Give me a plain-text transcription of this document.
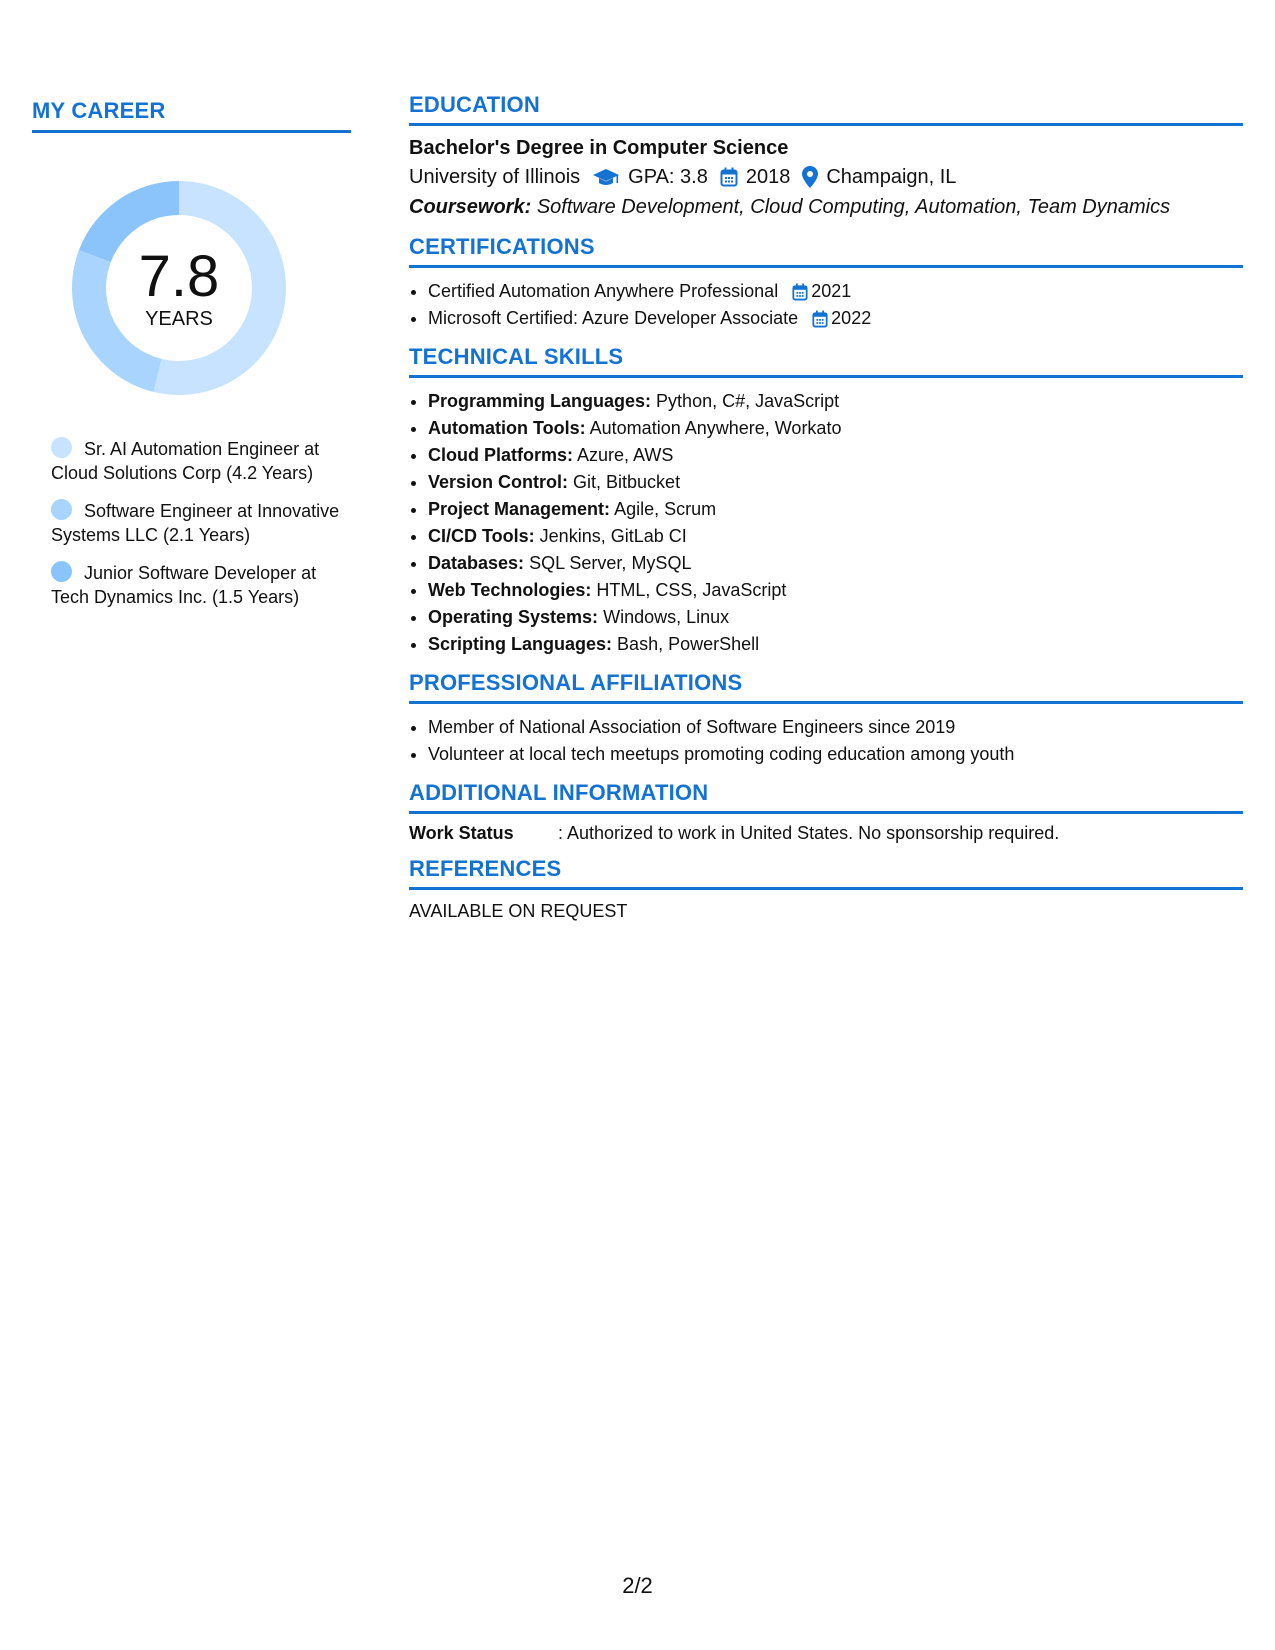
MY CAREER
7.8
YEARS
Sr. AI Automation Engineer at Cloud Solutions Corp (4.2 Years)
Software Engineer at Innovative Systems LLC (2.1 Years)
Junior Software Developer at Tech Dynamics Inc. (1.5 Years)
EDUCATION
Bachelor's Degree in Computer Science
University of Illinois GPA: 3.8 2018 Champaign, IL
Coursework: Software Development, Cloud Computing, Automation, Team Dynamics
CERTIFICATIONS
• Certified Automation Anywhere Professional 2021
• Microsoft Certified: Azure Developer Associate 2022
TECHNICAL SKILLS
• Programming Languages: Python, C#, JavaScript
• Automation Tools: Automation Anywhere, Workato
• Cloud Platforms: Azure, AWS
• Version Control: Git, Bitbucket
• Project Management: Agile, Scrum
• CI/CD Tools: Jenkins, GitLab CI
• Databases: SQL Server, MySQL
• Web Technologies: HTML, CSS, JavaScript
• Operating Systems: Windows, Linux
• Scripting Languages: Bash, PowerShell
PROFESSIONAL AFFILIATIONS
• Member of National Association of Software Engineers since 2019
• Volunteer at local tech meetups promoting coding education among youth
ADDITIONAL INFORMATION
Work Status	: Authorized to work in United States. No sponsorship required.
REFERENCES
AVAILABLE ON REQUEST
2/2
